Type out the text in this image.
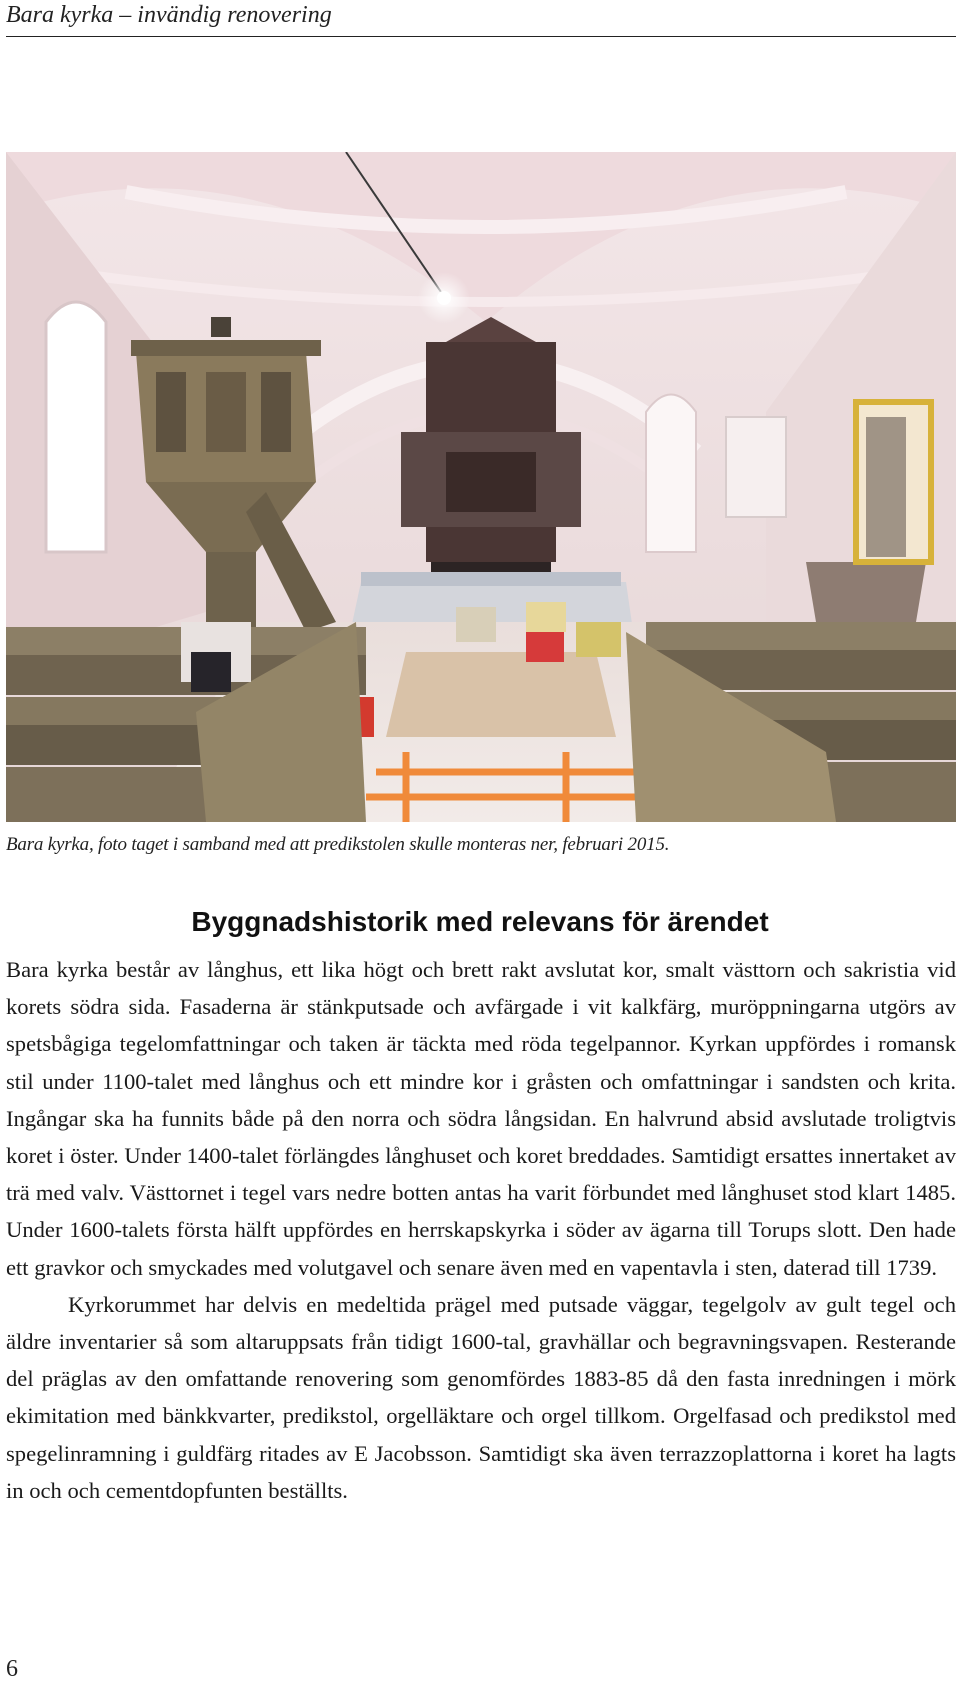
Bara kyrka – invändig renovering
Bara kyrka, foto taget i samband med att predikstolen skulle monteras ner, februari 2015.
Byggnadshistorik med relevans för ärendet

Bara kyrka består av långhus, ett lika högt och brett rakt avslutat kor, smalt västtorn och sakristia vid korets södra sida. Fasaderna är stänkputsade och avfärgade i vit kalkfärg, muröppningarna utgörs av spetsbågiga tegelomfattningar och taken är täckta med röda tegelpannor. Kyrkan uppfördes i romansk stil under 1100-talet med långhus och ett mindre kor i gråsten och omfattningar i sandsten och krita. Ingångar ska ha funnits både på den norra och södra långsidan. En halvrund absid avslutade troligtvis koret i öster. Under 1400-talet förlängdes långhuset och koret breddades. Samtidigt ersattes innertaket av trä med valv. Västtornet i tegel vars nedre botten antas ha varit förbundet med långhuset stod klart 1485. Under 1600-talets första hälft uppfördes en herrskapskyrka i söder av ägarna till Torups slott. Den hade ett gravkor och smyckades med volutgavel och senare även med en vapentavla i sten, daterad till 1739.

Kyrkorummet har delvis en medeltida prägel med putsade väggar, tegelgolv av gult tegel och äldre inventarier så som altaruppsats från tidigt 1600-tal, gravhällar och begravningsvapen. Resterande del präglas av den omfattande renovering som genomfördes 1883-85 då den fasta inredningen i mörk ekimitation med bänkkvarter, predikstol, orgelläktare och orgel tillkom. Orgelfasad och predikstol med spegelinramning i guldfärg ritades av E Jacobsson. Samtidigt ska även terrazzoplattorna i koret ha lagts in och och cementdopfunten beställts.

6
